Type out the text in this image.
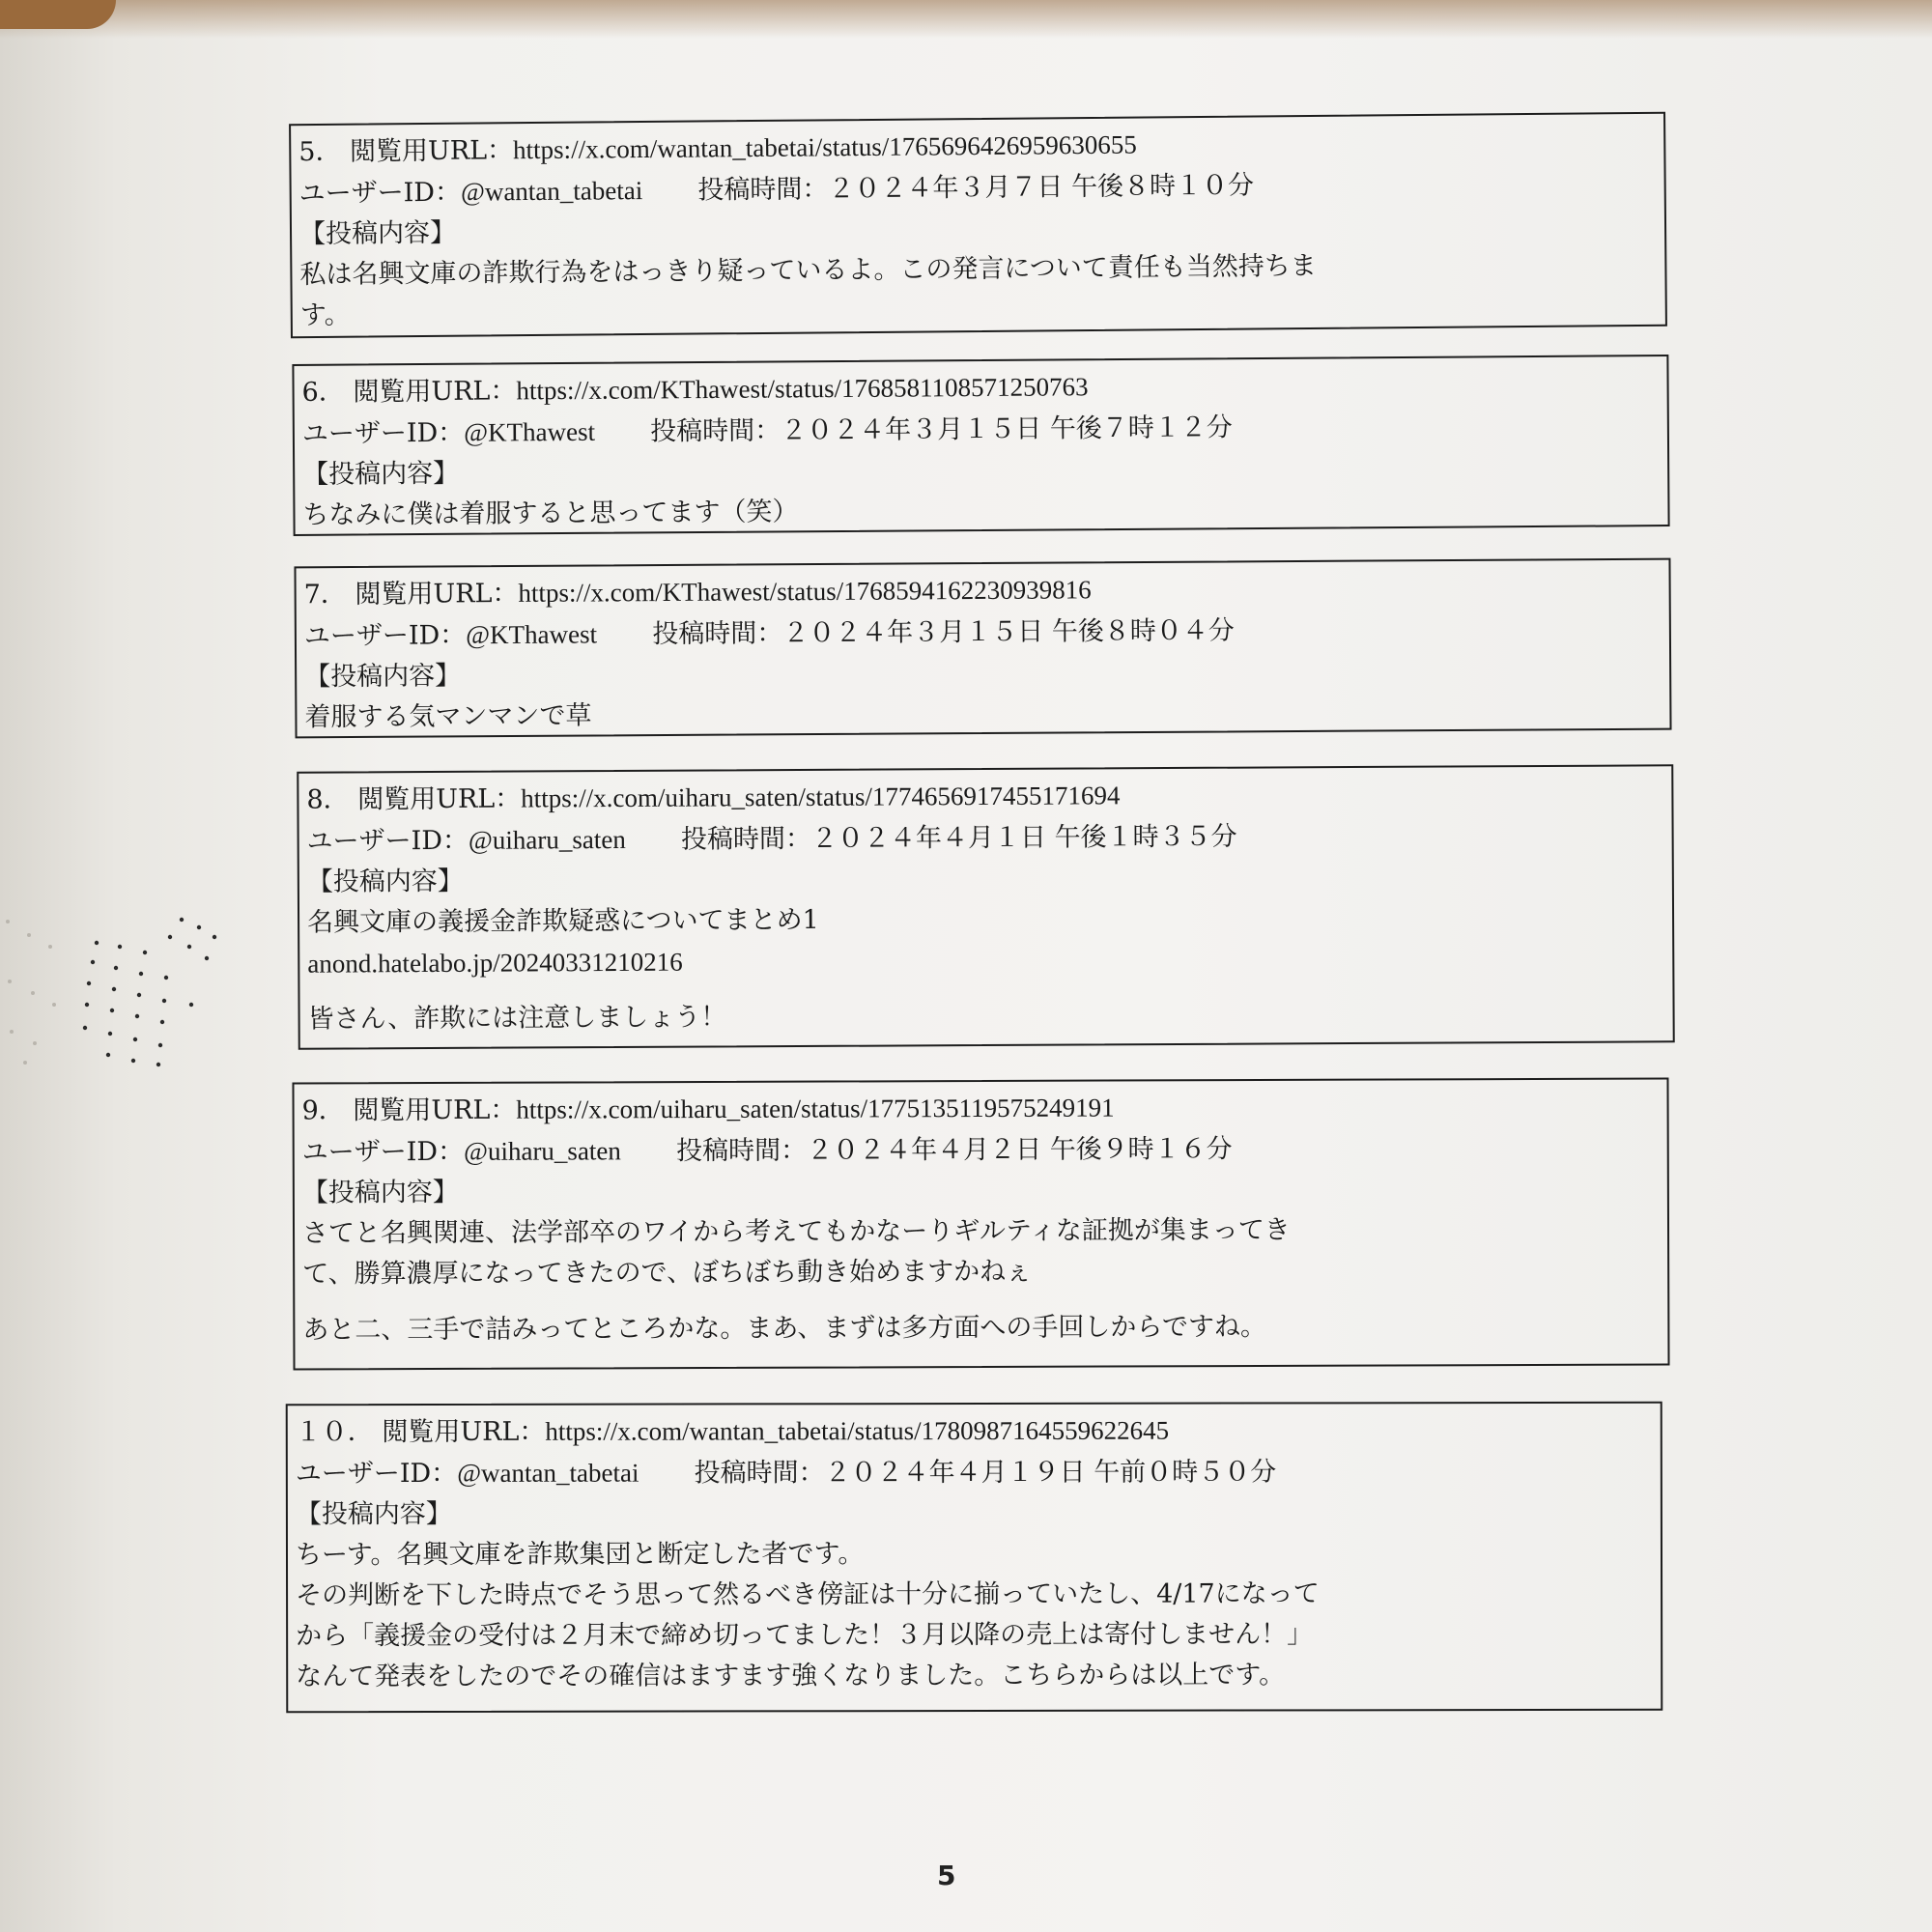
5． 閲覧用URL：https://x.com/wantan_tabetai/status/1765696426959630655
ユーザーID：@wantan_tabetai 投稿時間：２０２４年３月７日 午後８時１０分
【投稿内容】
私は名興文庫の詐欺行為をはっきり疑っているよ。この発言について責任も当然持ちま
す。
6． 閲覧用URL：https://x.com/KThawest/status/1768581108571250763
ユーザーID：@KThawest 投稿時間：２０２４年３月１５日 午後７時１２分
【投稿内容】
ちなみに僕は着服すると思ってます（笑）
7． 閲覧用URL：https://x.com/KThawest/status/1768594162230939816
ユーザーID：@KThawest 投稿時間：２０２４年３月１５日 午後８時０４分
【投稿内容】
着服する気マンマンで草
8． 閲覧用URL：https://x.com/uiharu_saten/status/1774656917455171694
ユーザーID：@uiharu_saten 投稿時間：２０２４年４月１日 午後１時３５分
【投稿内容】
名興文庫の義援金詐欺疑惑についてまとめ1
anond.hatelabo.jp/20240331210216
皆さん、詐欺には注意しましょう！
9． 閲覧用URL：https://x.com/uiharu_saten/status/1775135119575249191
ユーザーID：@uiharu_saten 投稿時間：２０２４年４月２日 午後９時１６分
【投稿内容】
さてと名興関連、法学部卒のワイから考えてもかなーりギルティな証拠が集まってき
て、勝算濃厚になってきたので、ぼちぼち動き始めますかねぇ
あと二、三手で詰みってところかな。まあ、まずは多方面への手回しからですね。
１０． 閲覧用URL：https://x.com/wantan_tabetai/status/1780987164559622645
ユーザーID：@wantan_tabetai 投稿時間：２０２４年４月１９日 午前０時５０分
【投稿内容】
ちーす。名興文庫を詐欺集団と断定した者です。
その判断を下した時点でそう思って然るべき傍証は十分に揃っていたし、4/17になって
から「義援金の受付は２月末で締め切ってました！３月以降の売上は寄付しません！」
なんて発表をしたのでその確信はますます強くなりました。こちらからは以上です。
5
